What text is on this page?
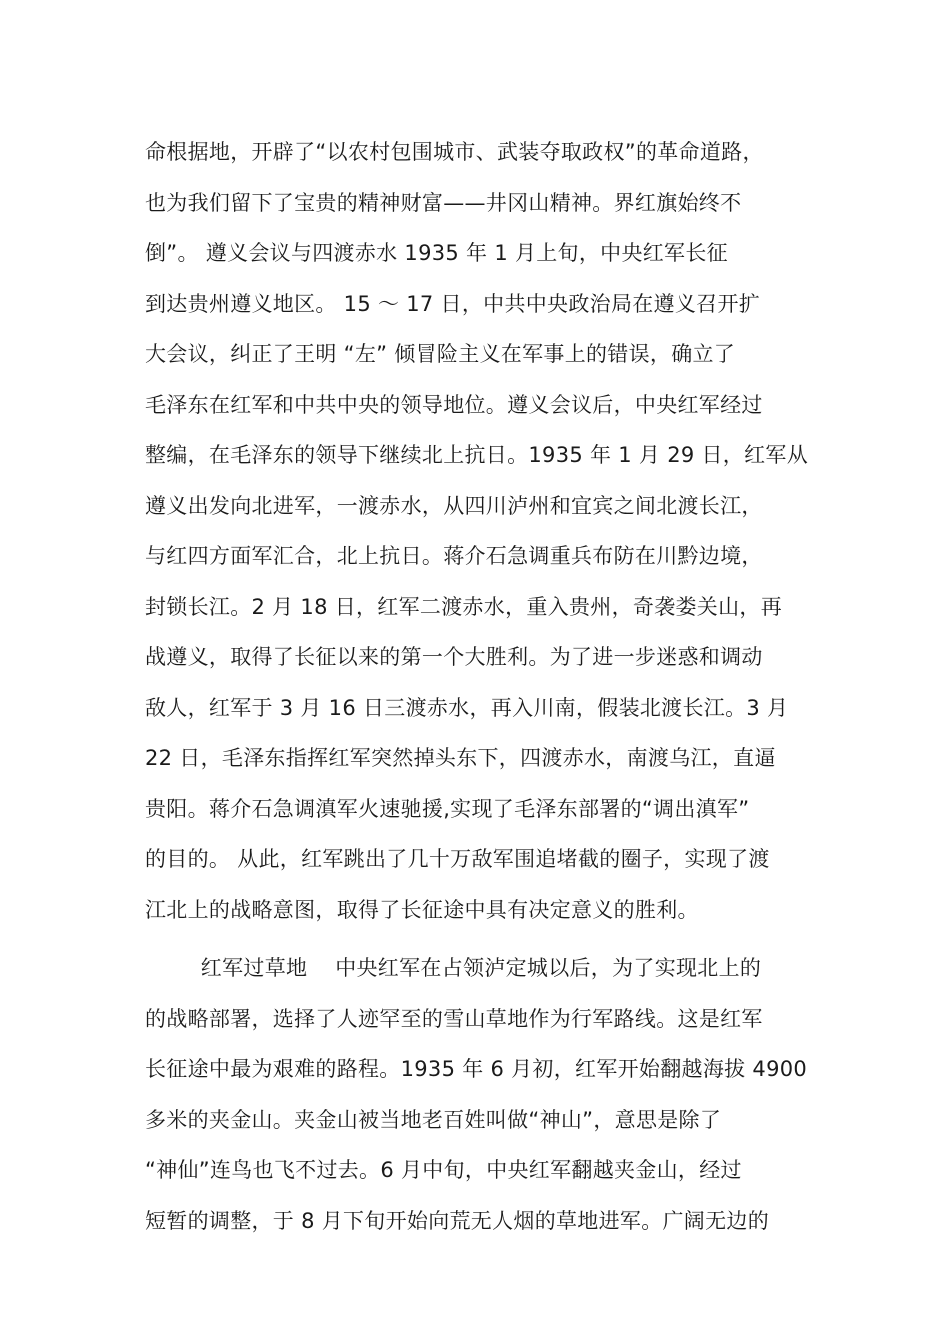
命根据地，开辟了“以农村包围城市、武装夺取政权”的革命道路，
也为我们留下了宝贵的精神财富——井冈山精神。界红旗始终不
倒”。 遵义会议与四渡赤水 1935 年 1 月上旬，中央红军长征
到达贵州遵义地区。 15 ～ 17 日，中共中央政治局在遵义召开扩
大会议，纠正了王明 “左” 倾冒险主义在军事上的错误，确立了
毛泽东在红军和中共中央的领导地位。遵义会议后，中央红军经过
整编，在毛泽东的领导下继续北上抗日。1935 年 1 月 29 日，红军从
遵义出发向北进军，一渡赤水，从四川泸州和宜宾之间北渡长江，
与红四方面军汇合，北上抗日。蒋介石急调重兵布防在川黔边境，
封锁长江。2 月 18 日，红军二渡赤水，重入贵州，奇袭娄关山，再
战遵义，取得了长征以来的第一个大胜利。为了进一步迷惑和调动
敌人，红军于 3 月 16 日三渡赤水，再入川南，假装北渡长江。3 月
22 日，毛泽东指挥红军突然掉头东下，四渡赤水，南渡乌江，直逼
贵阳。蒋介石急调滇军火速驰援,实现了毛泽东部署的“调出滇军”
的目的。 从此，红军跳出了几十万敌军围追堵截的圈子，实现了渡
江北上的战略意图，取得了长征途中具有决定意义的胜利。
红军过草地    中央红军在占领泸定城以后，为了实现北上的
的战略部署，选择了人迹罕至的雪山草地作为行军路线。这是红军
长征途中最为艰难的路程。1935 年 6 月初，红军开始翻越海拔 4900
多米的夹金山。夹金山被当地老百姓叫做“神山”，意思是除了
“神仙”连鸟也飞不过去。6 月中旬，中央红军翻越夹金山，经过
短暂的调整，于 8 月下旬开始向荒无人烟的草地进军。广阔无边的
